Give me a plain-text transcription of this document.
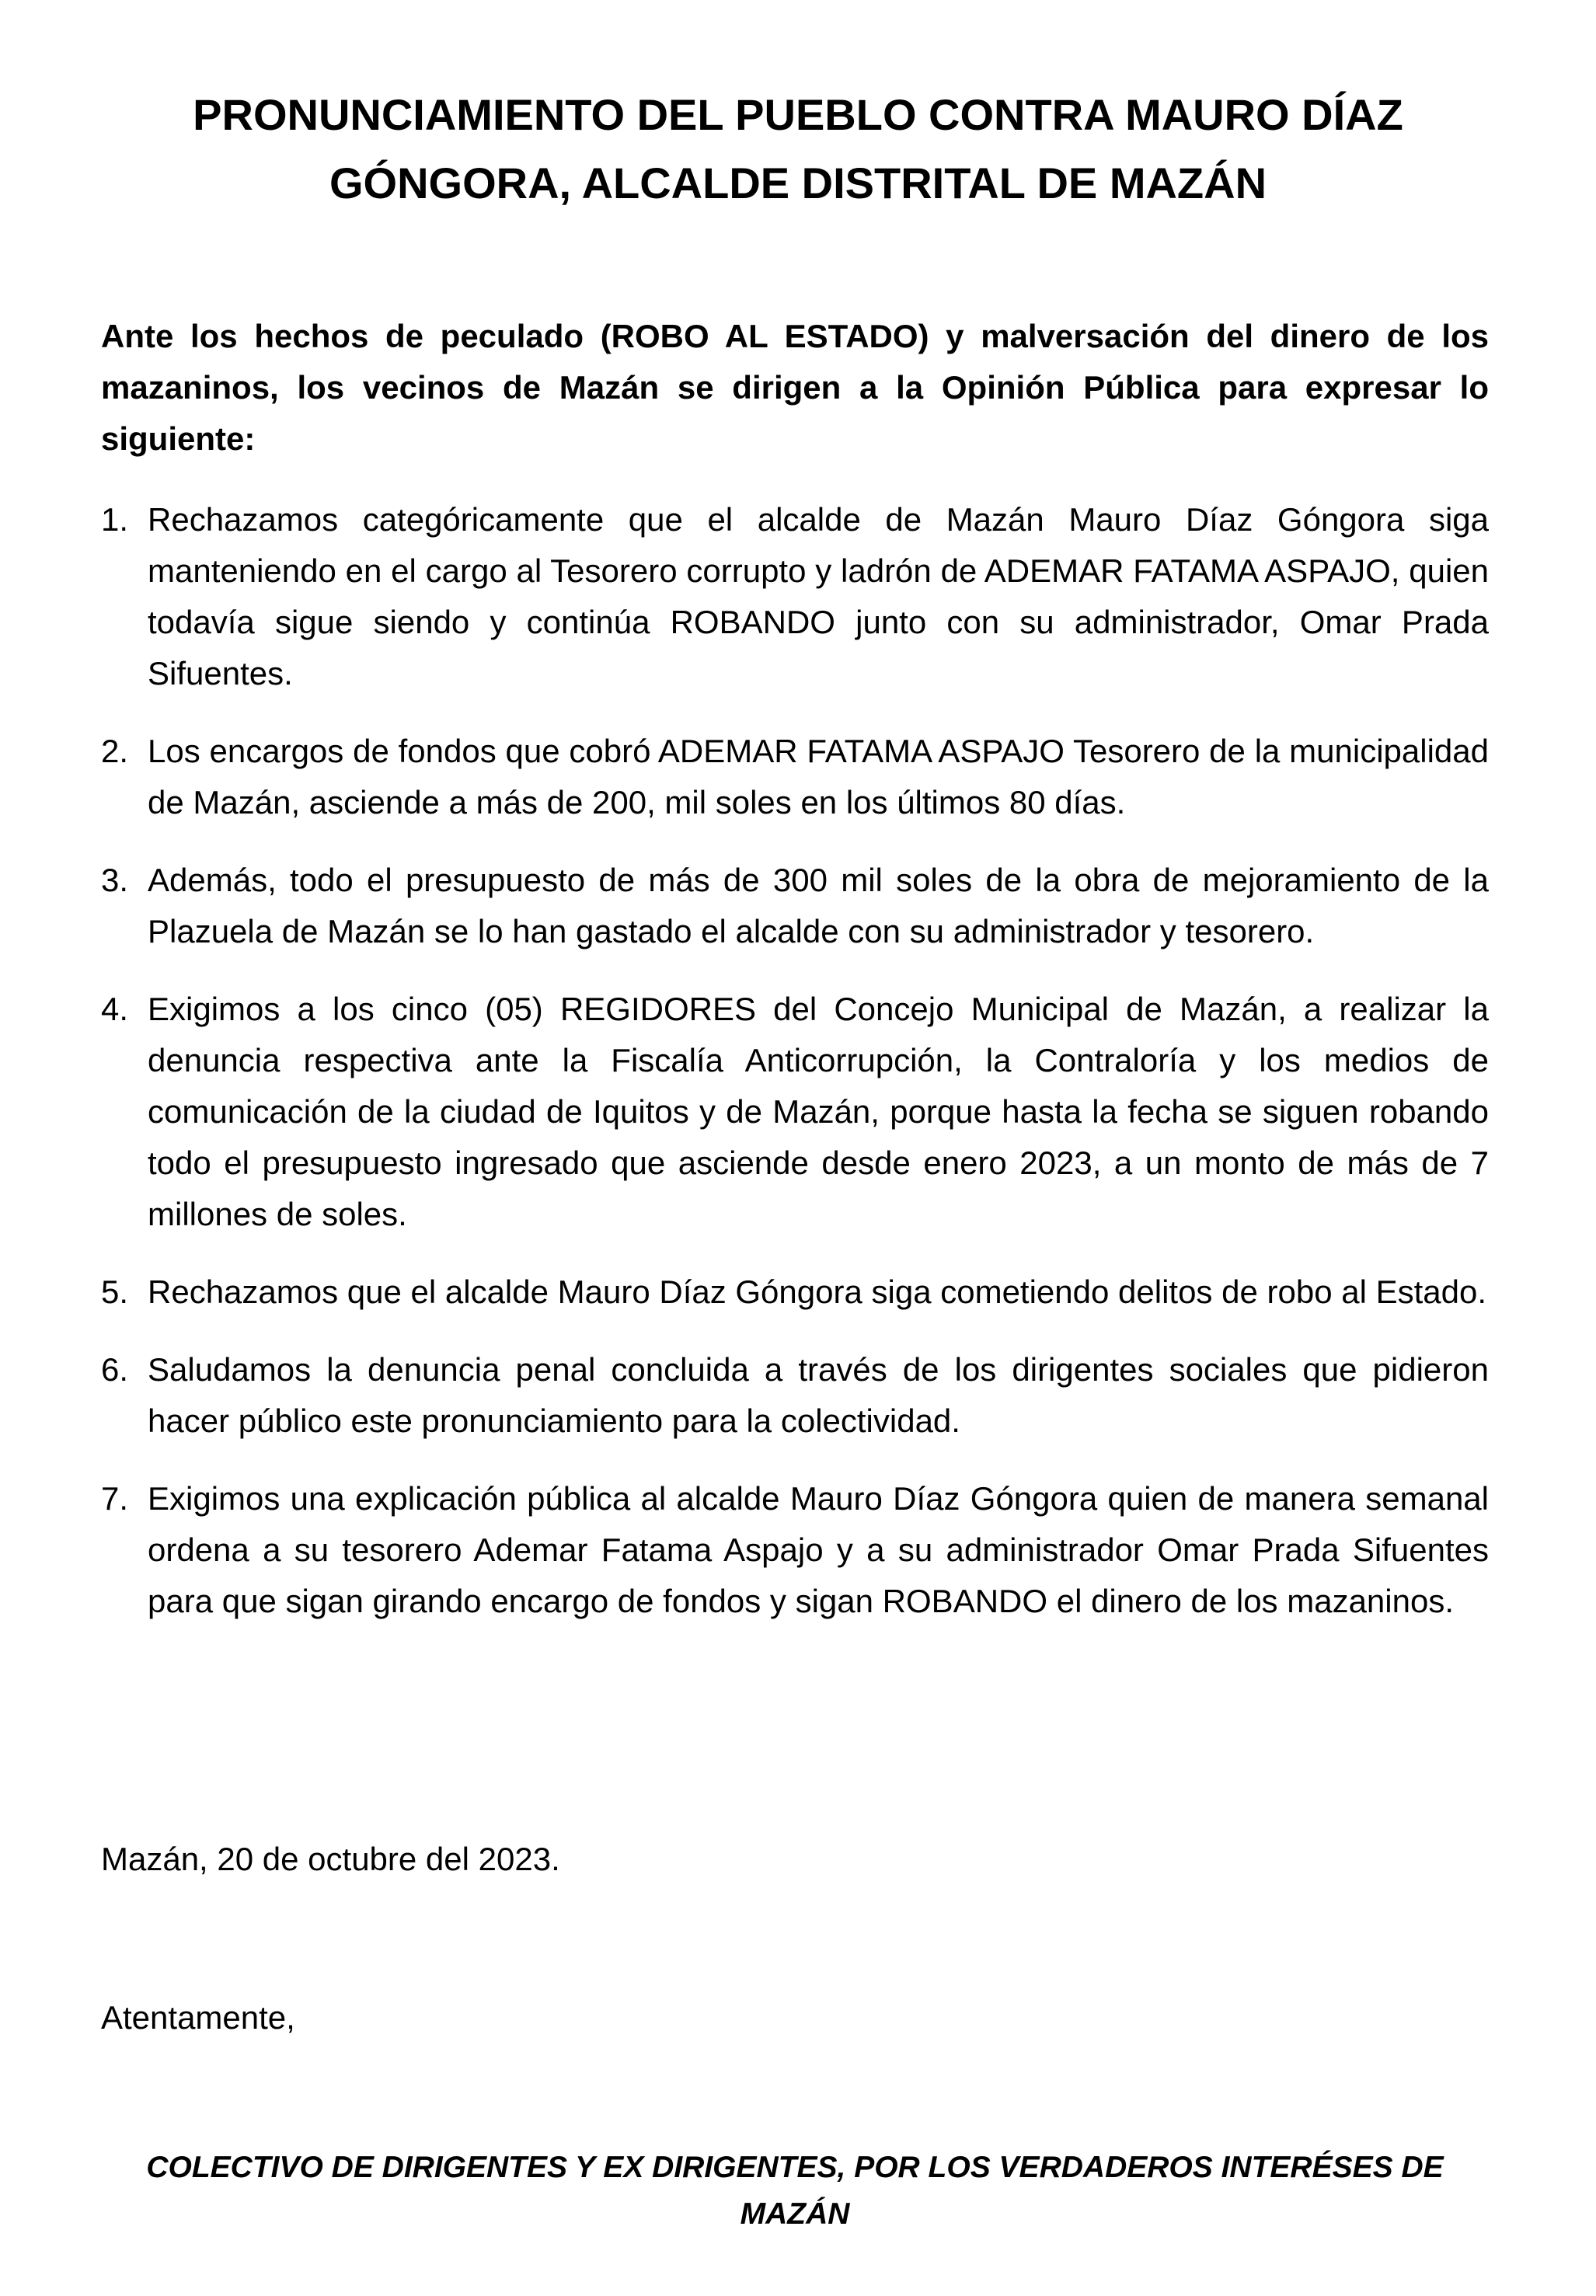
PRONUNCIAMIENTO DEL PUEBLO CONTRA MAURO DÍAZ
GÓNGORA, ALCALDE DISTRITAL DE MAZÁN

Ante los hechos de peculado (ROBO AL ESTADO) y malversación del dinero de los mazaninos, los vecinos de Mazán se dirigen a la Opinión Pública para expresar lo siguiente:

1. Rechazamos categóricamente que el alcalde de Mazán Mauro Díaz Góngora siga manteniendo en el cargo al Tesorero corrupto y ladrón de ADEMAR FATAMA ASPAJO, quien todavía sigue siendo y continúa ROBANDO junto con su administrador, Omar Prada Sifuentes.
2. Los encargos de fondos que cobró ADEMAR FATAMA ASPAJO Tesorero de la municipalidad de Mazán, asciende a más de 200, mil soles en los últimos 80 días.
3. Además, todo el presupuesto de más de 300 mil soles de la obra de mejoramiento de la Plazuela de Mazán se lo han gastado el alcalde con su administrador y tesorero.
4. Exigimos a los cinco (05) REGIDORES del Concejo Municipal de Mazán, a realizar la denuncia respectiva ante la Fiscalía Anticorrupción, la Contraloría y los medios de comunicación de la ciudad de Iquitos y de Mazán, porque hasta la fecha se siguen robando todo el presupuesto ingresado que asciende desde enero 2023, a un monto de más de 7 millones de soles.
5. Rechazamos que el alcalde Mauro Díaz Góngora siga cometiendo delitos de robo al Estado.
6. Saludamos la denuncia penal concluida a través de los dirigentes sociales que pidieron hacer público este pronunciamiento para la colectividad.
7. Exigimos una explicación pública al alcalde Mauro Díaz Góngora quien de manera semanal ordena a su tesorero Ademar Fatama Aspajo y a su administrador Omar Prada Sifuentes para que sigan girando encargo de fondos y sigan ROBANDO el dinero de los mazaninos.

Mazán, 20 de octubre del 2023.

Atentamente,

COLECTIVO DE DIRIGENTES Y EX DIRIGENTES, POR LOS VERDADEROS INTERÉSES DE MAZÁN
